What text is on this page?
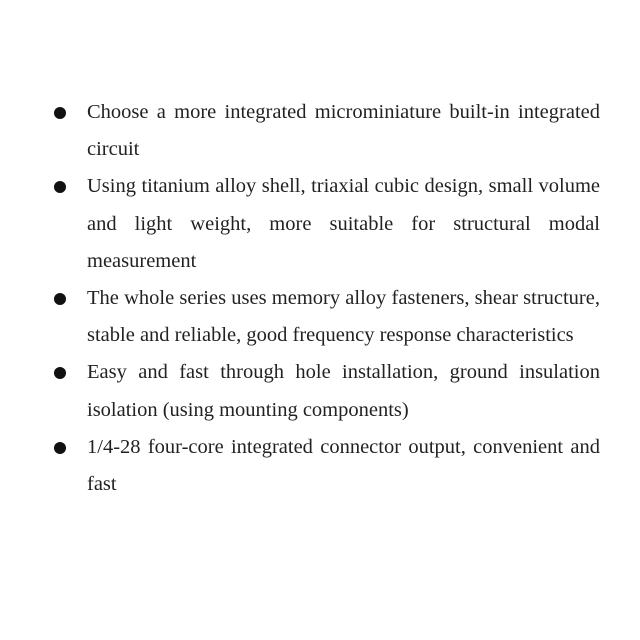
Choose a more integrated microminiature built-in integrated circuit
Using titanium alloy shell, triaxial cubic design, small volume and light weight, more suitable for structural modal measurement
The whole series uses memory alloy fasteners, shear structure, stable and reliable, good frequency response characteristics
Easy and fast through hole installation, ground insulation isolation (using mounting components)
1/4-28 four-core integrated connector output, convenient and fast
